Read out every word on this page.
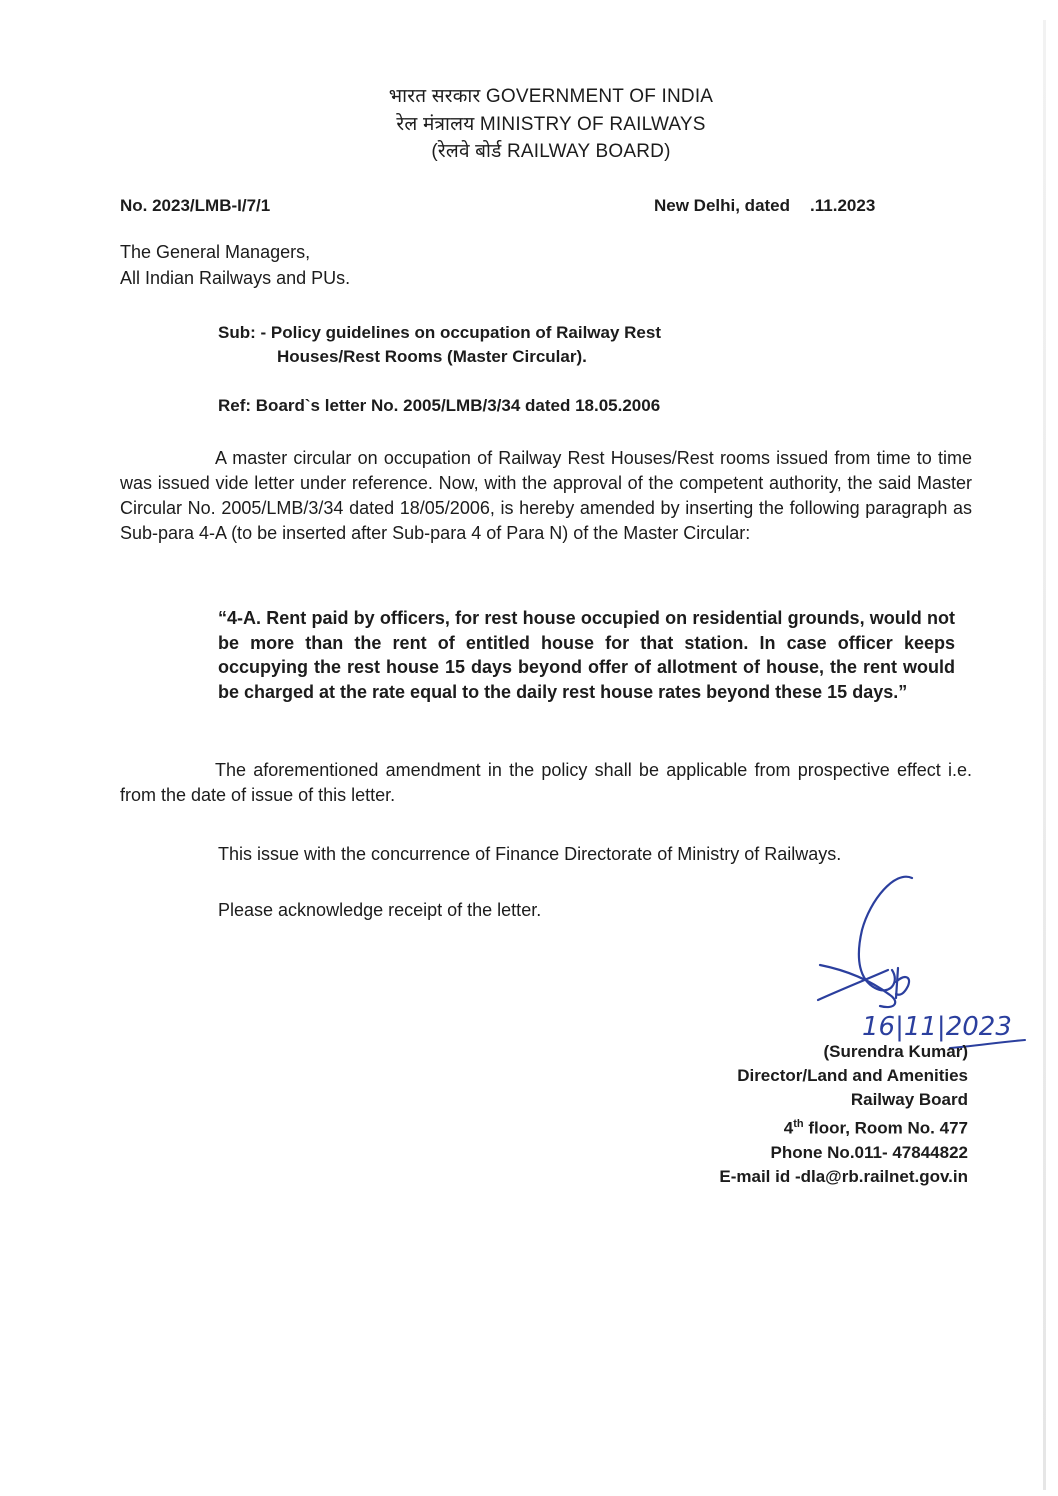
भारत सरकार GOVERNMENT OF INDIA
रेल मंत्रालय MINISTRY OF RAILWAYS
(रेलवे बोर्ड RAILWAY BOARD)
No. 2023/LMB-I/7/1	New Delhi, dated .11.2023
The General Managers,
All Indian Railways and PUs.
Sub: - Policy guidelines on occupation of Railway Rest
Houses/Rest Rooms (Master Circular).
Ref: Board`s letter No. 2005/LMB/3/34 dated 18.05.2006
A master circular on occupation of Railway Rest Houses/Rest rooms issued from time to time was issued vide letter under reference. Now, with the approval of the competent authority, the said Master Circular No. 2005/LMB/3/34 dated 18/05/2006, is hereby amended by inserting the following paragraph as Sub-para 4-A (to be inserted after Sub-para 4 of Para N) of the Master Circular:
“4-A. Rent paid by officers, for rest house occupied on residential grounds, would not be more than the rent of entitled house for that station. In case officer keeps occupying the rest house 15 days beyond offer of allotment of house, the rent would be charged at the rate equal to the daily rest house rates beyond these 15 days.”
The aforementioned amendment in the policy shall be applicable from prospective effect i.e. from the date of issue of this letter.
This issue with the concurrence of Finance Directorate of Ministry of Railways.
Please acknowledge receipt of the letter.
16|11|2023
(Surendra Kumar)
Director/Land and Amenities
Railway Board
4th floor, Room No. 477
Phone No.011- 47844822
E-mail id -dla@rb.railnet.gov.in
